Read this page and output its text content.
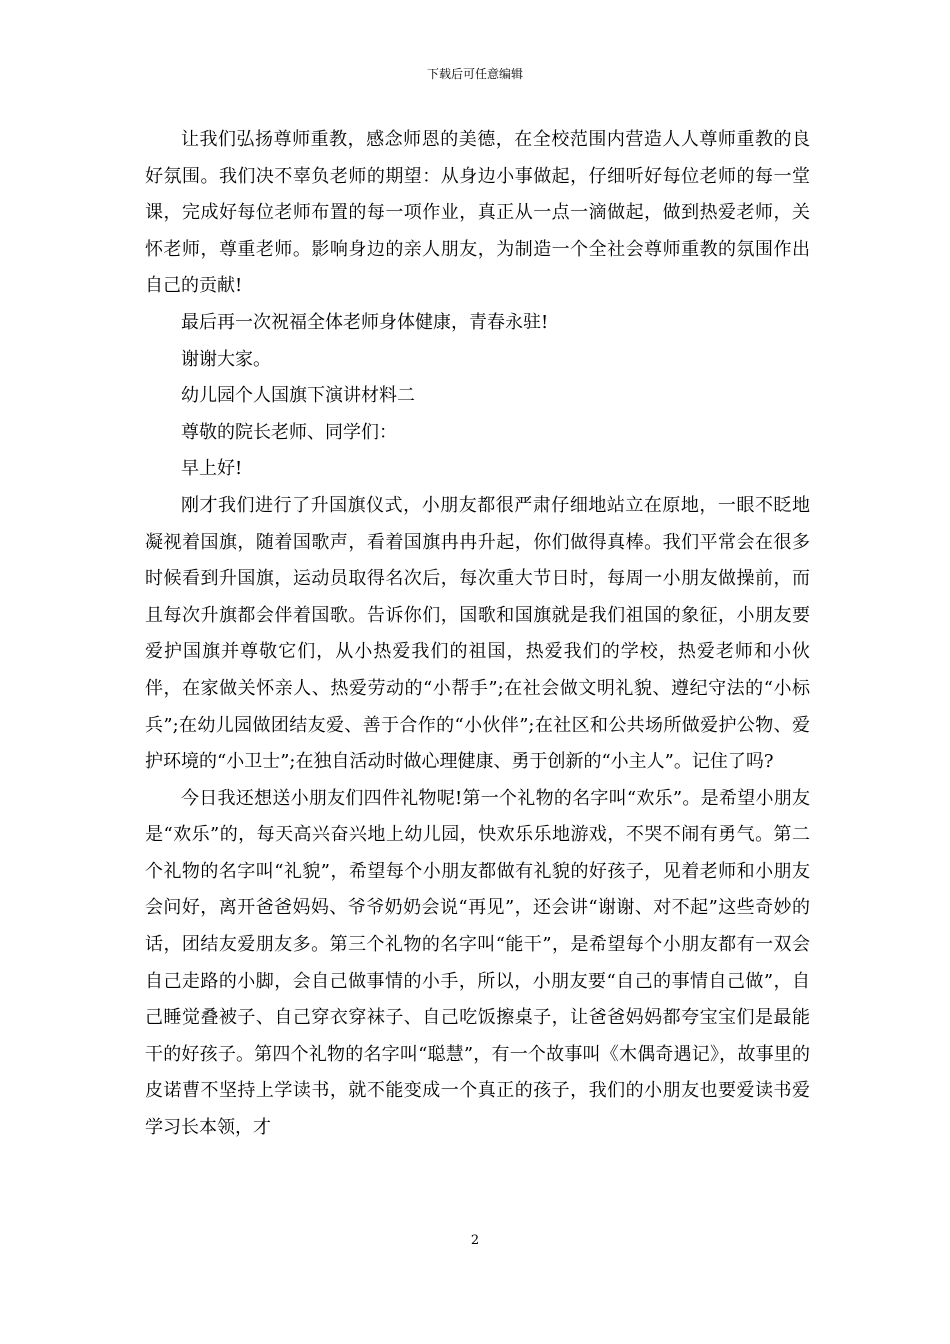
下载后可任意编辑

让我们弘扬尊师重教，感念师恩的美德，在全校范围内营造人人尊师重教的良好氛围。我们决不辜负老师的期望：从身边小事做起，仔细听好每位老师的每一堂课，完成好每位老师布置的每一项作业，真正从一点一滴做起，做到热爱老师，关怀老师，尊重老师。影响身边的亲人朋友，为制造一个全社会尊师重教的氛围作出自己的贡献!

最后再一次祝福全体老师身体健康，青春永驻!

谢谢大家。

幼儿园个人国旗下演讲材料二

尊敬的院长老师、同学们：

早上好!

刚才我们进行了升国旗仪式，小朋友都很严肃仔细地站立在原地，一眼不眨地凝视着国旗，随着国歌声，看着国旗冉冉升起，你们做得真棒。我们平常会在很多时候看到升国旗，运动员取得名次后，每次重大节日时，每周一小朋友做操前，而且每次升旗都会伴着国歌。告诉你们，国歌和国旗就是我们祖国的象征，小朋友要爱护国旗并尊敬它们，从小热爱我们的祖国，热爱我们的学校，热爱老师和小伙伴，在家做关怀亲人、热爱劳动的“小帮手”;在社会做文明礼貌、遵纪守法的“小标兵”;在幼儿园做团结友爱、善于合作的“小伙伴”;在社区和公共场所做爱护公物、爱护环境的“小卫士”;在独自活动时做心理健康、勇于创新的“小主人”。记住了吗?

今日我还想送小朋友们四件礼物呢!第一个礼物的名字叫“欢乐”。是希望小朋友是“欢乐”的，每天高兴奋兴地上幼儿园，快欢乐乐地游戏，不哭不闹有勇气。第二个礼物的名字叫“礼貌”，希望每个小朋友都做有礼貌的好孩子，见着老师和小朋友会问好，离开爸爸妈妈、爷爷奶奶会说“再见”，还会讲“谢谢、对不起”这些奇妙的话，团结友爱朋友多。第三个礼物的名字叫“能干”，是希望每个小朋友都有一双会自己走路的小脚，会自己做事情的小手，所以，小朋友要“自己的事情自己做”，自己睡觉叠被子、自己穿衣穿袜子、自己吃饭擦桌子，让爸爸妈妈都夸宝宝们是最能干的好孩子。第四个礼物的名字叫“聪慧”，有一个故事叫《木偶奇遇记》，故事里的皮诺曹不坚持上学读书，就不能变成一个真正的孩子，我们的小朋友也要爱读书爱学习长本领，才

2
